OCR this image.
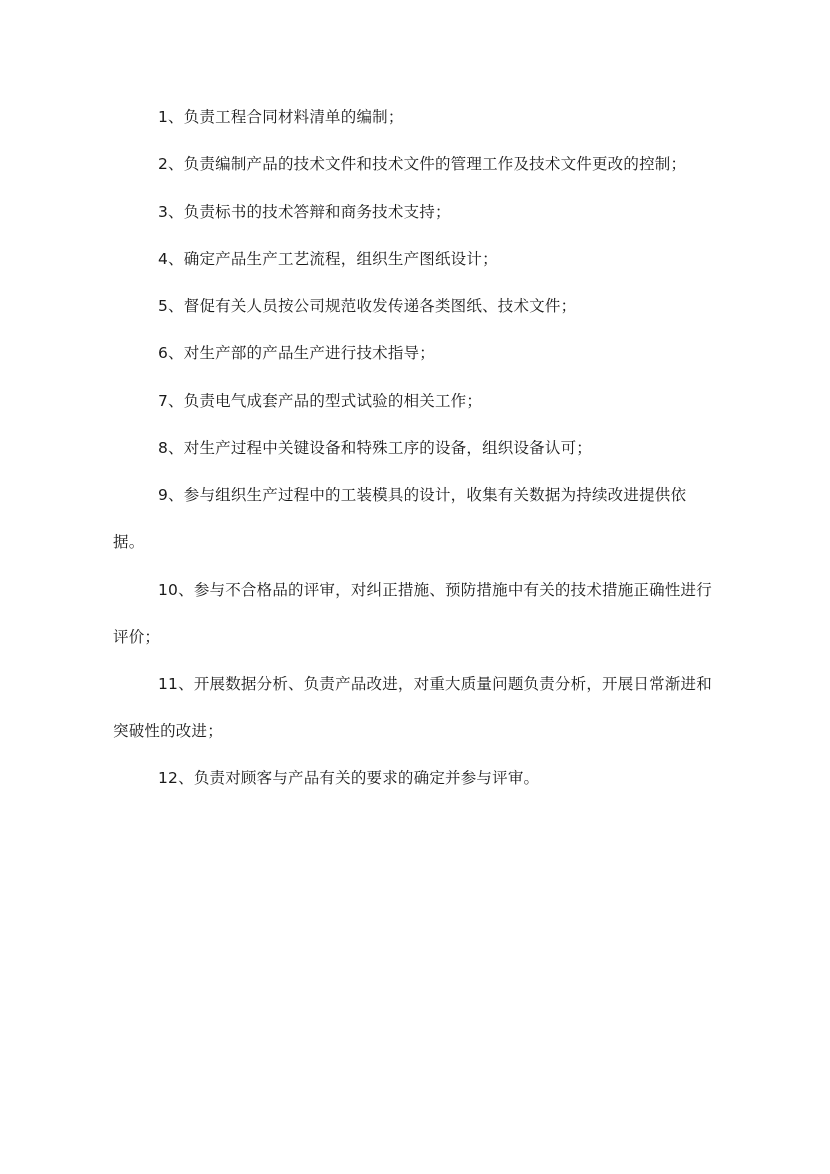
1、负责工程合同材料清单的编制；

2、负责编制产品的技术文件和技术文件的管理工作及技术文件更改的控制；

3、负责标书的技术答辩和商务技术支持；

4、确定产品生产工艺流程，组织生产图纸设计；

5、督促有关人员按公司规范收发传递各类图纸、技术文件；

6、对生产部的产品生产进行技术指导；

7、负责电气成套产品的型式试验的相关工作；

8、对生产过程中关键设备和特殊工序的设备，组织设备认可；

9、参与组织生产过程中的工装模具的设计，收集有关数据为持续改进提供依据。

10、参与不合格品的评审，对纠正措施、预防措施中有关的技术措施正确性进行评价；

11、开展数据分析、负责产品改进，对重大质量问题负责分析，开展日常渐进和突破性的改进；

12、负责对顾客与产品有关的要求的确定并参与评审。
